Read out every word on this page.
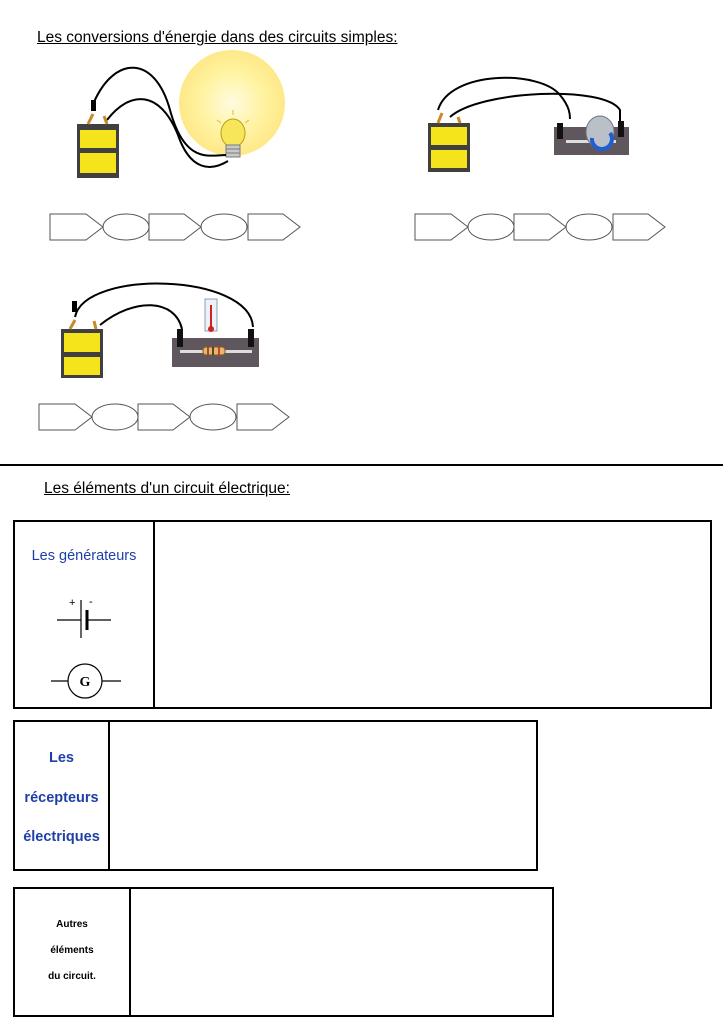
Les conversions d'énergie dans des circuits simples:
Les éléments d'un circuit électrique:
Les générateurs
+ -
G
Les
récepteurs
électriques
Autres
éléments
du circuit.
